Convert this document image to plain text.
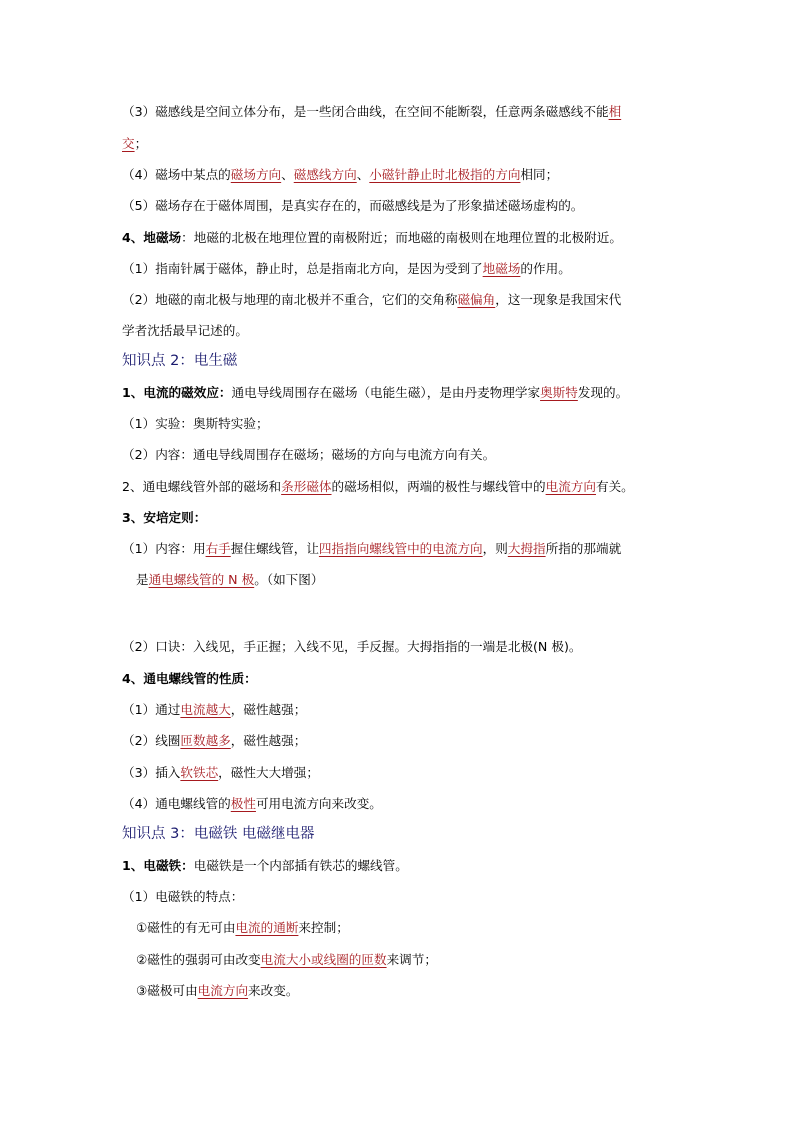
（3）磁感线是空间立体分布，是一些闭合曲线，在空间不能断裂，任意两条磁感线不能相
交；
（4）磁场中某点的磁场方向、磁感线方向、小磁针静止时北极指的方向相同；
（5）磁场存在于磁体周围，是真实存在的，而磁感线是为了形象描述磁场虚构的。
4、地磁场：地磁的北极在地理位置的南极附近；而地磁的南极则在地理位置的北极附近。
（1）指南针属于磁体，静止时，总是指南北方向，是因为受到了地磁场的作用。
（2）地磁的南北极与地理的南北极并不重合，它们的交角称磁偏角，这一现象是我国宋代
学者沈括最早记述的。
知识点 2：电生磁
1、电流的磁效应：通电导线周围存在磁场（电能生磁），是由丹麦物理学家奥斯特发现的。
（1）实验：奥斯特实验；
（2）内容：通电导线周围存在磁场；磁场的方向与电流方向有关。
2、通电螺线管外部的磁场和条形磁体的磁场相似，两端的极性与螺线管中的电流方向有关。
3、安培定则：
（1）内容：用右手握住螺线管，让四指指向螺线管中的电流方向，则大拇指所指的那端就
是通电螺线管的 N 极。（如下图）
（2）口诀：入线见，手正握；入线不见，手反握。大拇指指的一端是北极(N 极)。
4、通电螺线管的性质：
（1）通过电流越大，磁性越强；
（2）线圈匝数越多，磁性越强；
（3）插入软铁芯，磁性大大增强；
（4）通电螺线管的极性可用电流方向来改变。
知识点 3：电磁铁 电磁继电器
1、电磁铁：电磁铁是一个内部插有铁芯的螺线管。
（1）电磁铁的特点：
①磁性的有无可由电流的通断来控制；
②磁性的强弱可由改变电流大小或线圈的匝数来调节；
③磁极可由电流方向来改变。
